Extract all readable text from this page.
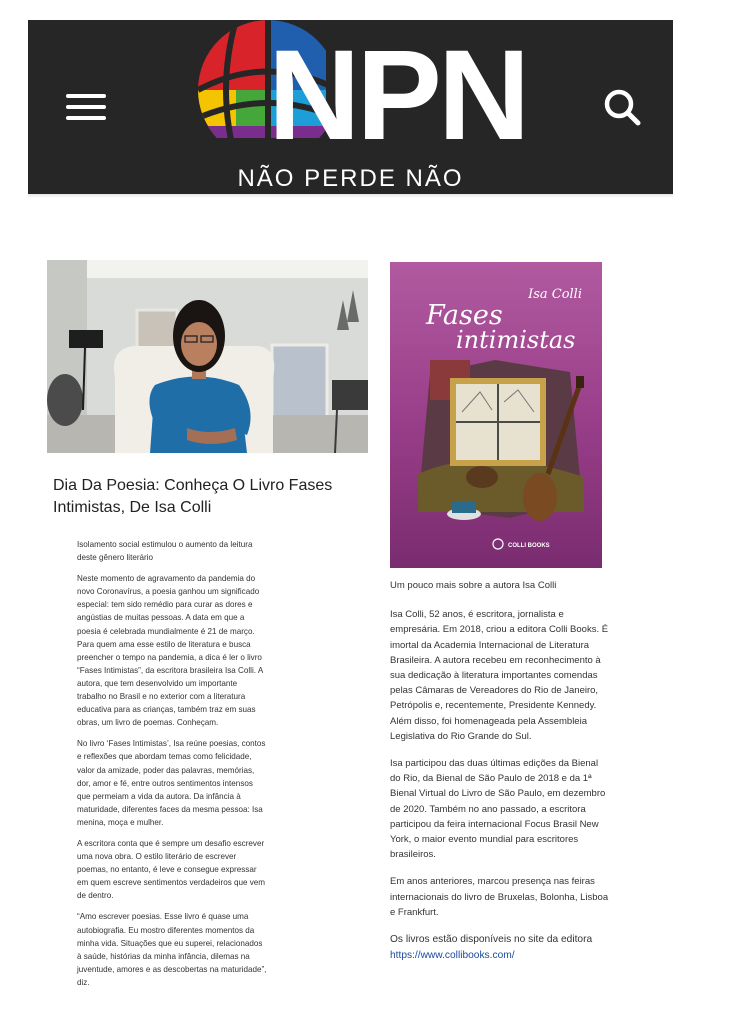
NPN
NÃO PERDE NÃO
Dia Da Poesia: Conheça O Livro Fases Intimistas, De Isa Colli

Isolamento social estimulou o aumento da leitura deste gênero literário

Neste momento de agravamento da pandemia do novo Coronavírus, a poesia ganhou um significado especial: tem sido remédio para curar as dores e angústias de muitas pessoas. A data em que a poesia é celebrada mundialmente é 21 de março. Para quem ama esse estilo de literatura e busca preencher o tempo na pandemia, a dica é ler o livro “Fases Intimistas”, da escritora brasileira Isa Colli. A autora, que tem desenvolvido um importante trabalho no Brasil e no exterior com a literatura educativa para as crianças, também traz em suas obras, um livro de poemas. Conheçam.

No livro ‘Fases Intimistas’, Isa reúne poesias, contos e reflexões que abordam temas como felicidade, valor da amizade, poder das palavras, memórias, dor, amor e fé, entre outros sentimentos intensos que permeiam a vida da autora. Da infância à maturidade, diferentes faces da mesma pessoa: Isa menina, moça e mulher.

A escritora conta que é sempre um desafio escrever uma nova obra. O estilo literário de escrever poemas, no entanto, é leve e consegue expressar em quem escreve sentimentos verdadeiros que vem de dentro.

“Amo escrever poesias. Esse livro é quase uma autobiografia. Eu mostro diferentes momentos da minha vida. Situações que eu superei, relacionados à saúde, histórias da minha infância, dilemas na juventude, amores e as descobertas na maturidade”, diz.

Isa Colli
Fases
intimistas
COLLI BOOKS

Um pouco mais sobre a autora Isa Colli

Isa Colli, 52 anos, é escritora, jornalista e empresária. Em 2018, criou a editora Colli Books. É imortal da Academia Internacional de Literatura Brasileira. A autora recebeu em reconhecimento à sua dedicação à literatura importantes comendas pelas Câmaras de Vereadores do Rio de Janeiro, Petrópolis e, recentemente, Presidente Kennedy. Além disso, foi homenageada pela Assembleia Legislativa do Rio Grande do Sul.

Isa participou das duas últimas edições da Bienal do Rio, da Bienal de São Paulo de 2018 e da 1ª Bienal Virtual do Livro de São Paulo, em dezembro de 2020. Também no ano passado, a escritora participou da feira internacional Focus Brasil New York, o maior evento mundial para escritores brasileiros.

Em anos anteriores, marcou presença nas feiras internacionais do livro de Bruxelas, Bolonha, Lisboa e Frankfurt.

Os livros estão disponíveis no site da editora https://www.collibooks.com/
